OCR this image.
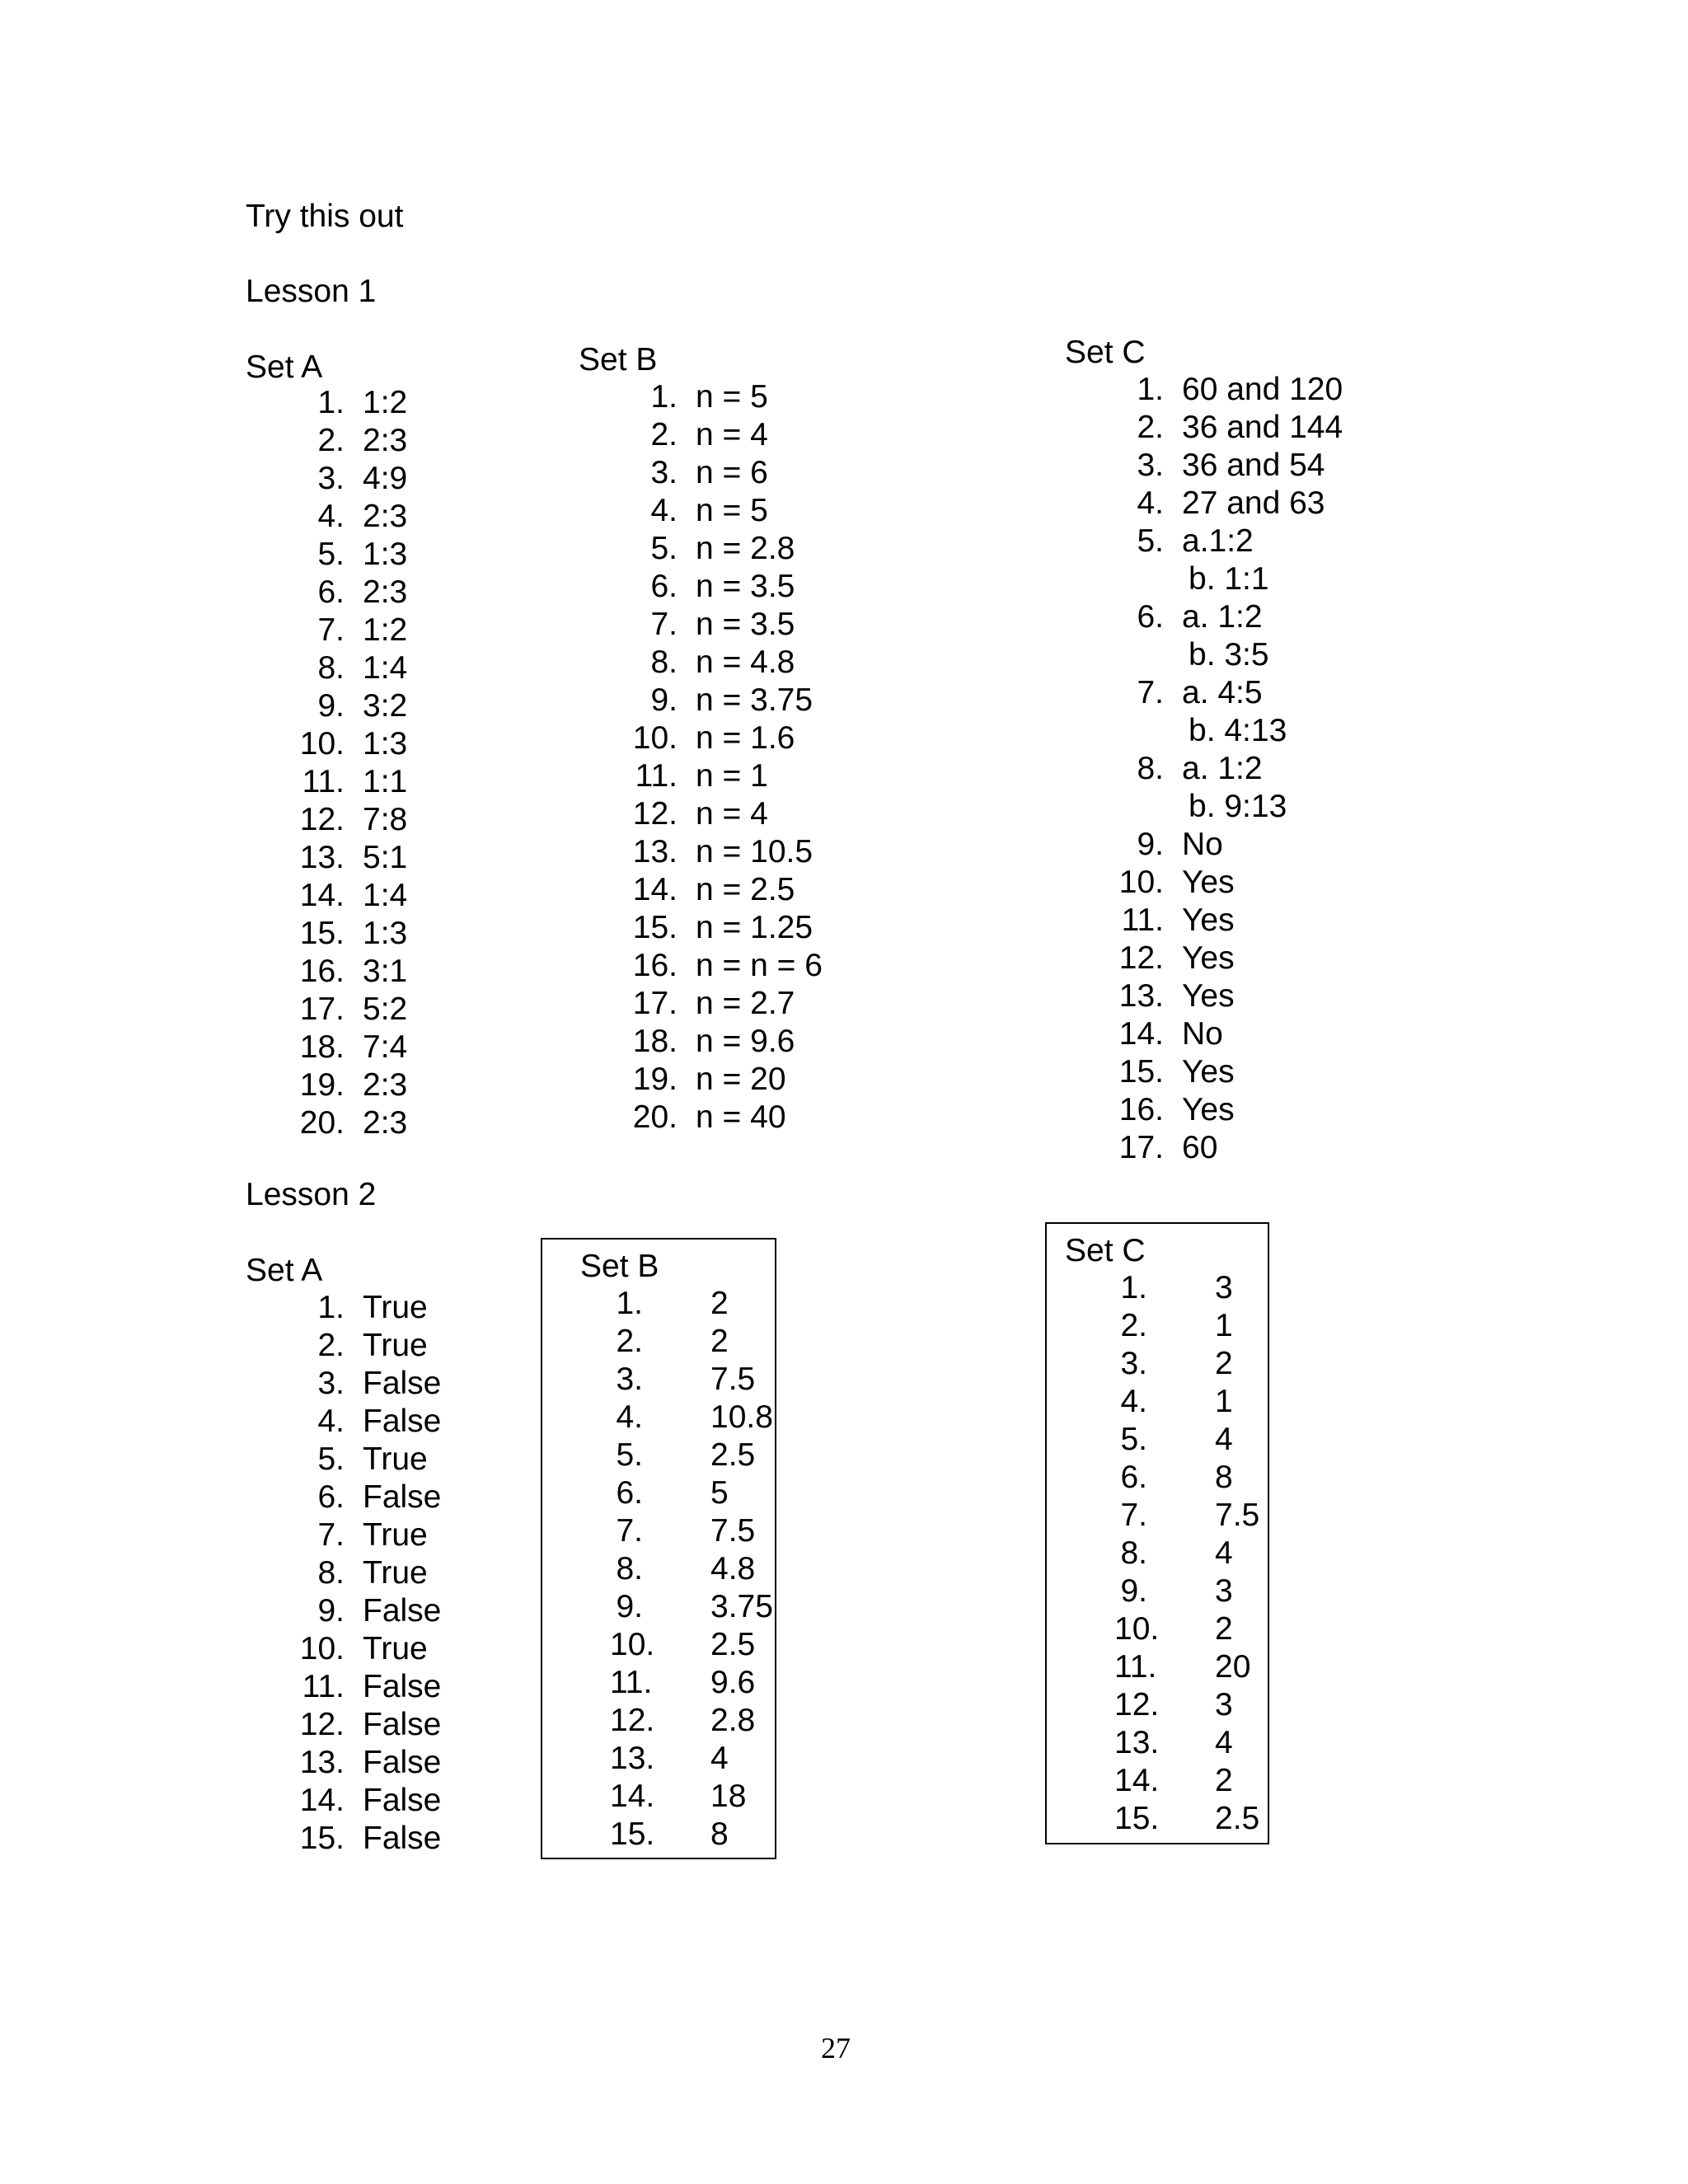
Try this out
Lesson 1
Set A
1. 1:2
2. 2:3
3. 4:9
4. 2:3
5. 1:3
6. 2:3
7. 1:2
8. 1:4
9. 3:2
10. 1:3
11. 1:1
12. 7:8
13. 5:1
14. 1:4
15. 1:3
16. 3:1
17. 5:2
18. 7:4
19. 2:3
20. 2:3
Set B
1. n = 5
2. n = 4
3. n = 6
4. n = 5
5. n = 2.8
6. n = 3.5
7. n = 3.5
8. n = 4.8
9. n = 3.75
10. n = 1.6
11. n = 1
12. n = 4
13. n = 10.5
14. n = 2.5
15. n = 1.25
16. n = n = 6
17. n = 2.7
18. n = 9.6
19. n = 20
20. n = 40
Set C
1. 60 and 120
2. 36 and 144
3. 36 and 54
4. 27 and 63
5. a.1:2
b. 1:1
6. a. 1:2
b. 3:5
7. a. 4:5
b. 4:13
8. a. 1:2
b. 9:13
9. No
10. Yes
11. Yes
12. Yes
13. Yes
14. No
15. Yes
16. Yes
17. 60
Lesson 2
Set A
1. True
2. True
3. False
4. False
5. True
6. False
7. True
8. True
9. False
10. True
11. False
12. False
13. False
14. False
15. False
Set B
1. 2
2. 2
3. 7.5
4. 10.8
5. 2.5
6. 5
7. 7.5
8. 4.8
9. 3.75
10. 2.5
11. 9.6
12. 2.8
13. 4
14. 18
15. 8
Set C
1. 3
2. 1
3. 2
4. 1
5. 4
6. 8
7. 7.5
8. 4
9. 3
10. 2
11. 20
12. 3
13. 4
14. 2
15. 2.5
27
